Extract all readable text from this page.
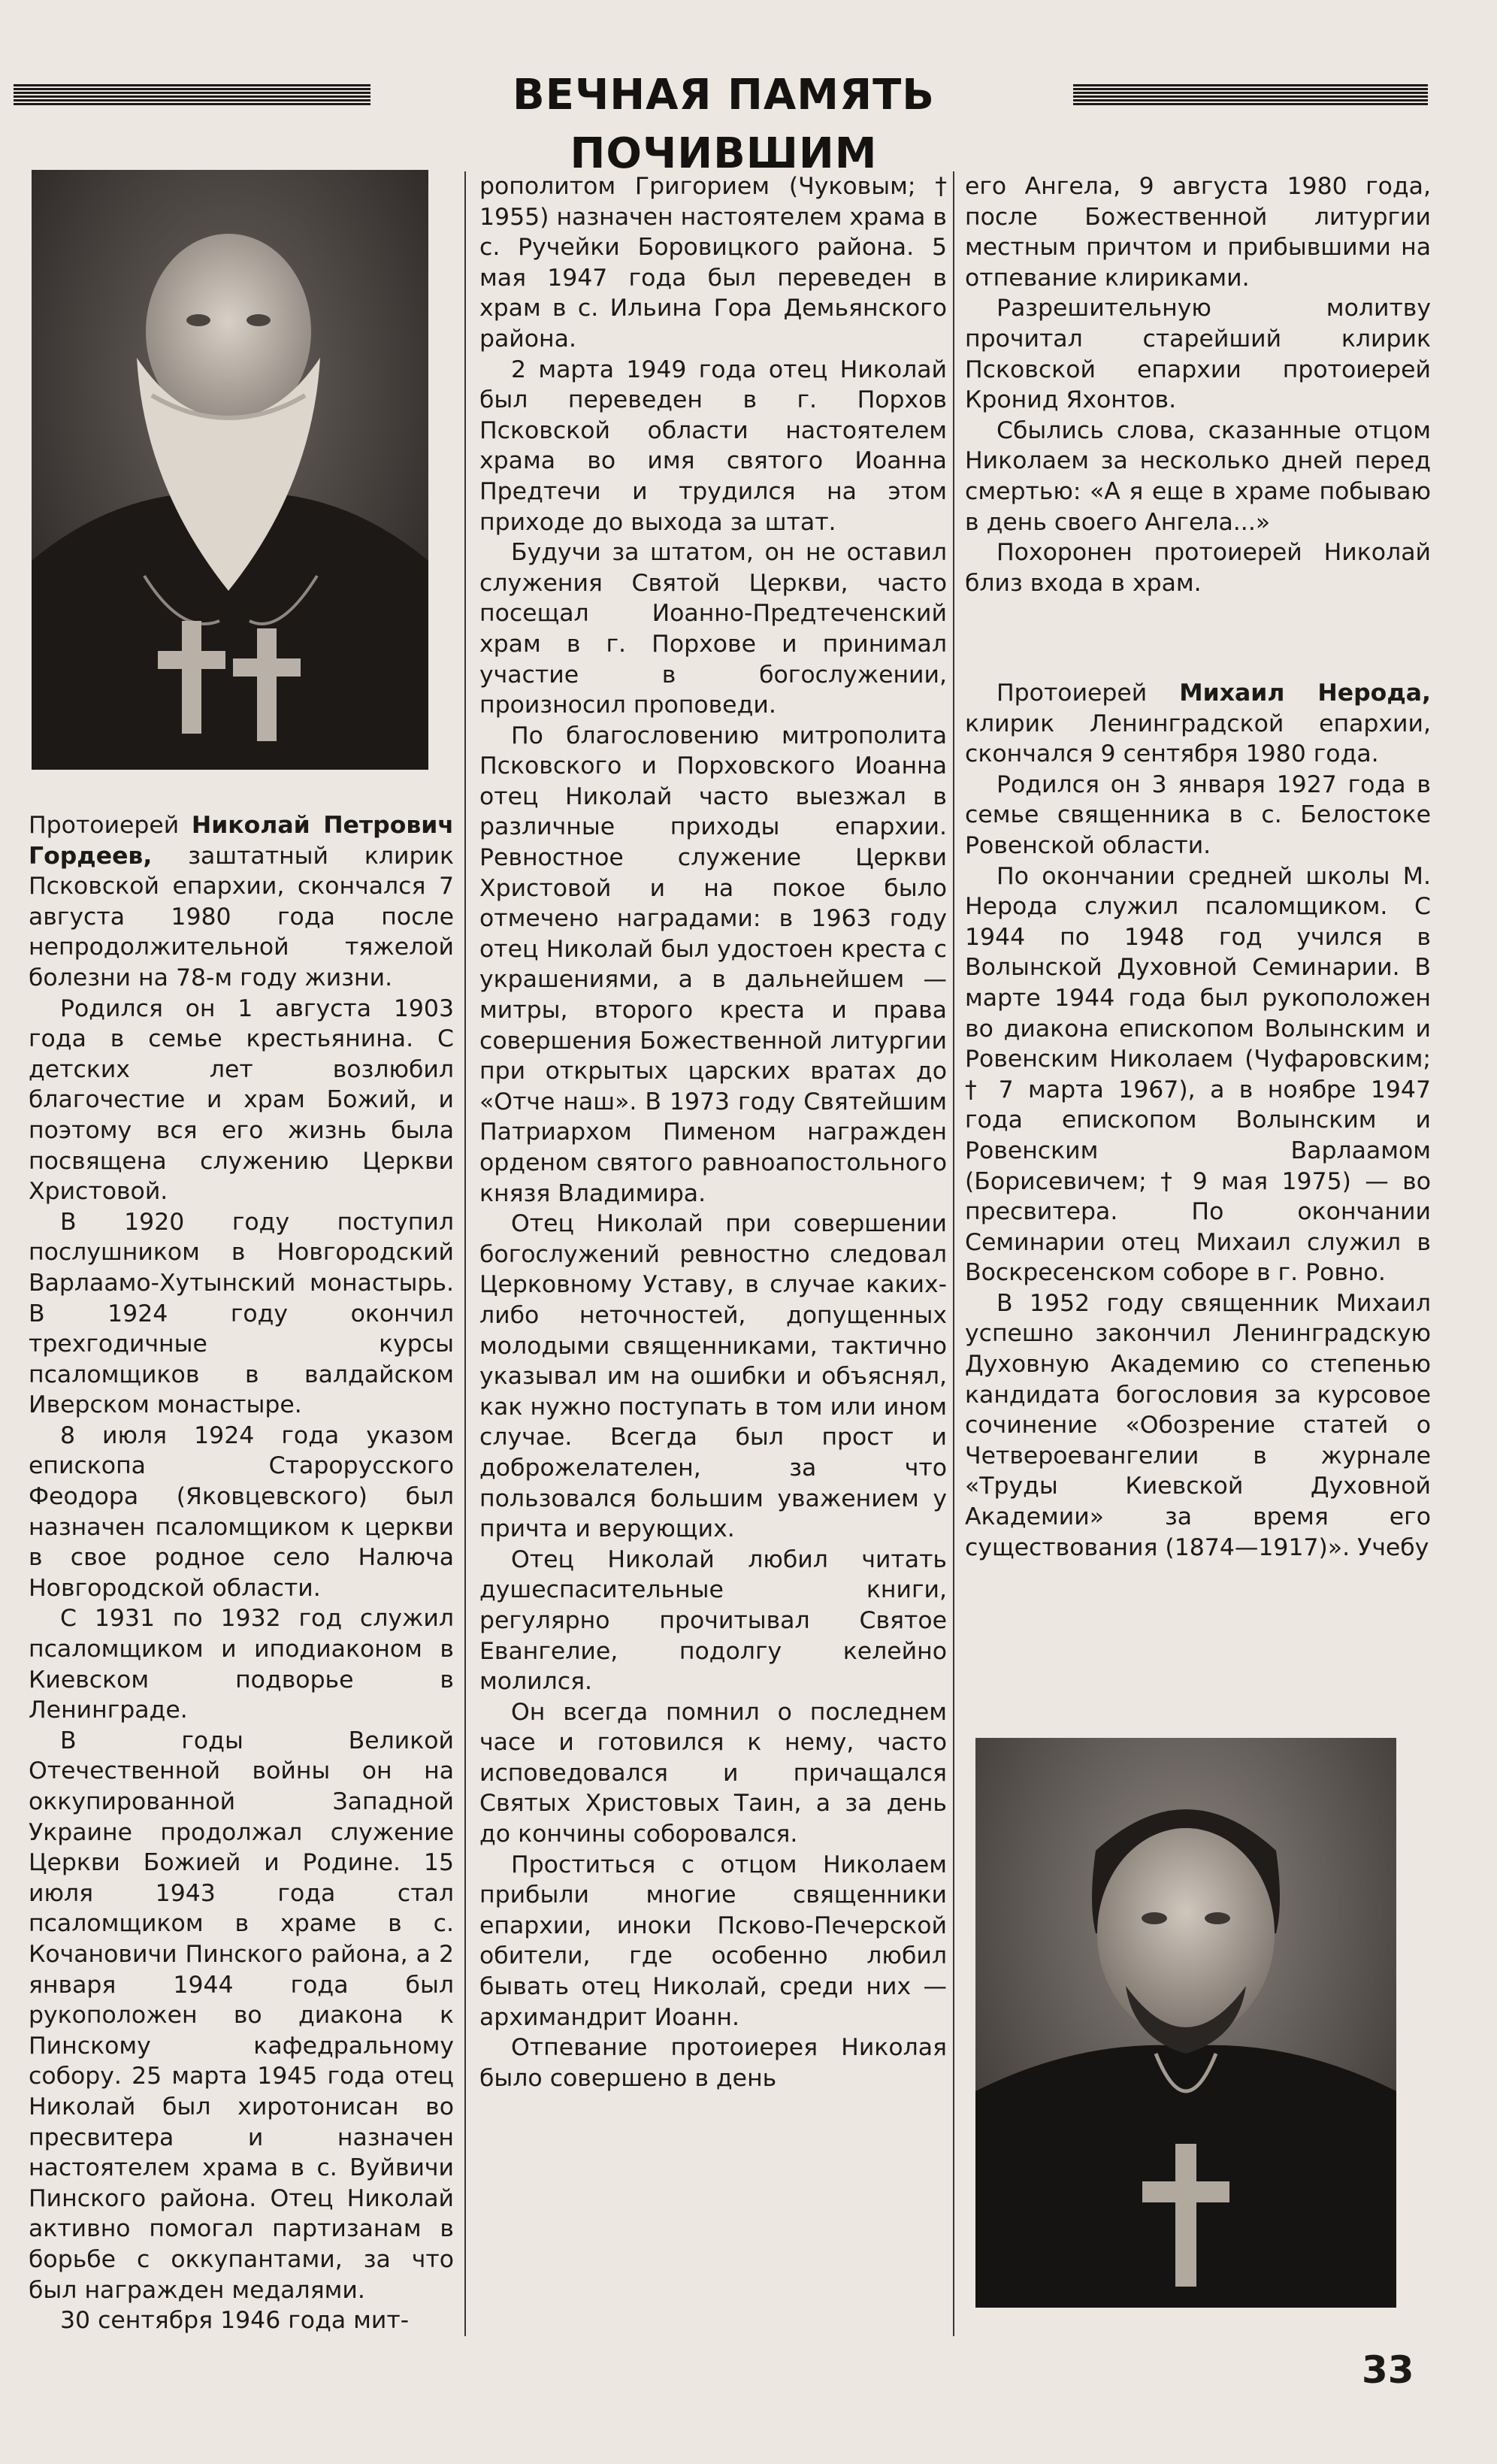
ВЕЧНАЯ ПАМЯТЬ ПОЧИВШИМ

Протоиерей Николай Петрович Гордеев, заштатный клирик Псковской епархии, скончался 7 августа 1980 года после непродолжительной тяжелой болезни на 78-м году жизни.

Родился он 1 августа 1903 года в семье крестьянина. С детских лет возлюбил благочестие и храм Божий, и поэтому вся его жизнь была посвящена служению Церкви Христовой.

В 1920 году поступил послушником в Новгородский Варлаамо-Хутынский монастырь. В 1924 году окончил трехгодичные курсы псаломщиков в валдайском Иверском монастыре.

8 июля 1924 года указом епископа Старорусского Феодора (Яковцевского) был назначен псаломщиком к церкви в свое родное село Налюча Новгородской области.

С 1931 по 1932 год служил псаломщиком и иподиаконом в Киевском подворье в Ленинграде.

В годы Великой Отечественной войны он на оккупированной Западной Украине продолжал служение Церкви Божией и Родине. 15 июля 1943 года стал псаломщиком в храме в с. Кочановичи Пинского района, а 2 января 1944 года был рукоположен во диакона к Пинскому кафедральному собору. 25 марта 1945 года отец Николай был хиротонисан во пресвитера и назначен настоятелем храма в с. Вуйвичи Пинского района. Отец Николай активно помогал партизанам в борьбе с оккупантами, за что был награжден медалями.

30 сентября 1946 года мит-

рополитом Григорием (Чуковым; † 1955) назначен настоятелем храма в с. Ручейки Боровицкого района. 5 мая 1947 года был переведен в храм в с. Ильина Гора Демьянского района.

2 марта 1949 года отец Николай был переведен в г. Порхов Псковской области настоятелем храма во имя святого Иоанна Предтечи и трудился на этом приходе до выхода за штат.

Будучи за штатом, он не оставил служения Святой Церкви, часто посещал Иоанно-Предтеченский храм в г. Порхове и принимал участие в богослужении, произносил проповеди.

По благословению митрополита Псковского и Порховского Иоанна отец Николай часто выезжал в различные приходы епархии. Ревностное служение Церкви Христовой и на покое было отмечено наградами: в 1963 году отец Николай был удостоен креста с украшениями, а в дальнейшем — митры, второго креста и права совершения Божественной литургии при открытых царских вратах до «Отче наш». В 1973 году Святейшим Патриархом Пименом награжден орденом святого равноапостольного князя Владимира.

Отец Николай при совершении богослужений ревностно следовал Церковному Уставу, в случае каких-либо неточностей, допущенных молодыми священниками, тактично указывал им на ошибки и объяснял, как нужно поступать в том или ином случае. Всегда был прост и доброжелателен, за что пользовался большим уважением у причта и верующих.

Отец Николай любил читать душеспасительные книги, регулярно прочитывал Святое Евангелие, подолгу келейно молился.

Он всегда помнил о последнем часе и готовился к нему, часто исповедовался и причащался Святых Христовых Таин, а за день до кончины соборовался.

Проститься с отцом Николаем прибыли многие священники епархии, иноки Псково-Печерской обители, где особенно любил бывать отец Николай, среди них — архимандрит Иоанн.

Отпевание протоиерея Николая было совершено в день

его Ангела, 9 августа 1980 года, после Божественной литургии местным причтом и прибывшими на отпевание клириками.

Разрешительную молитву прочитал старейший клирик Псковской епархии протоиерей Кронид Яхонтов.

Сбылись слова, сказанные отцом Николаем за несколько дней перед смертью: «А я еще в храме побываю в день своего Ангела...»

Похоронен протоиерей Николай близ входа в храм.

Протоиерей Михаил Нерода, клирик Ленинградской епархии, скончался 9 сентября 1980 года.

Родился он 3 января 1927 года в семье священника в с. Белостоке Ровенской области.

По окончании средней школы М. Нерода служил псаломщиком. С 1944 по 1948 год учился в Волынской Духовной Семинарии. В марте 1944 года был рукоположен во диакона епископом Волынским и Ровенским Николаем (Чуфаровским; † 7 марта 1967), а в ноябре 1947 года епископом Волынским и Ровенским Варлаамом (Борисевичем; † 9 мая 1975) — во пресвитера. По окончании Семинарии отец Михаил служил в Воскресенском соборе в г. Ровно.

В 1952 году священник Михаил успешно закончил Ленинградскую Духовную Академию со степенью кандидата богословия за курсовое сочинение «Обозрение статей о Четвероевангелии в журнале «Труды Киевской Духовной Академии» за время его существования (1874—1917)». Учебу

33
